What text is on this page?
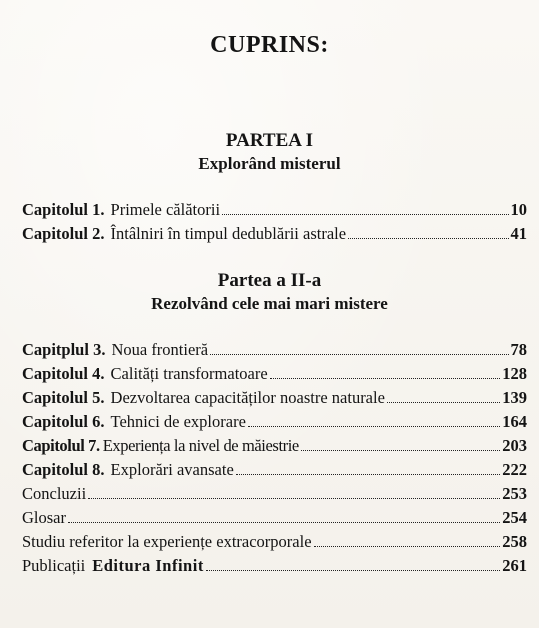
CUPRINS:
PARTEA I
Explorând misterul
Capitolul 1. Primele călătorii	10
Capitolul 2. Întâlniri în timpul dedublării astrale	41
Partea a II-a
Rezolvând cele mai mari mistere
Capitplul 3. Noua frontieră	78
Capitolul 4. Calități transformatoare	128
Capitolul 5. Dezvoltarea capacităților noastre naturale	139
Capitolul 6. Tehnici de explorare	164
Capitolul 7. Experiența la nivel de măiestrie	203
Capitolul 8. Explorări avansate	222
Concluzii	253
Glosar	254
Studiu referitor la experiențe extracorporale	258
Publicații Editura Infinit	261
